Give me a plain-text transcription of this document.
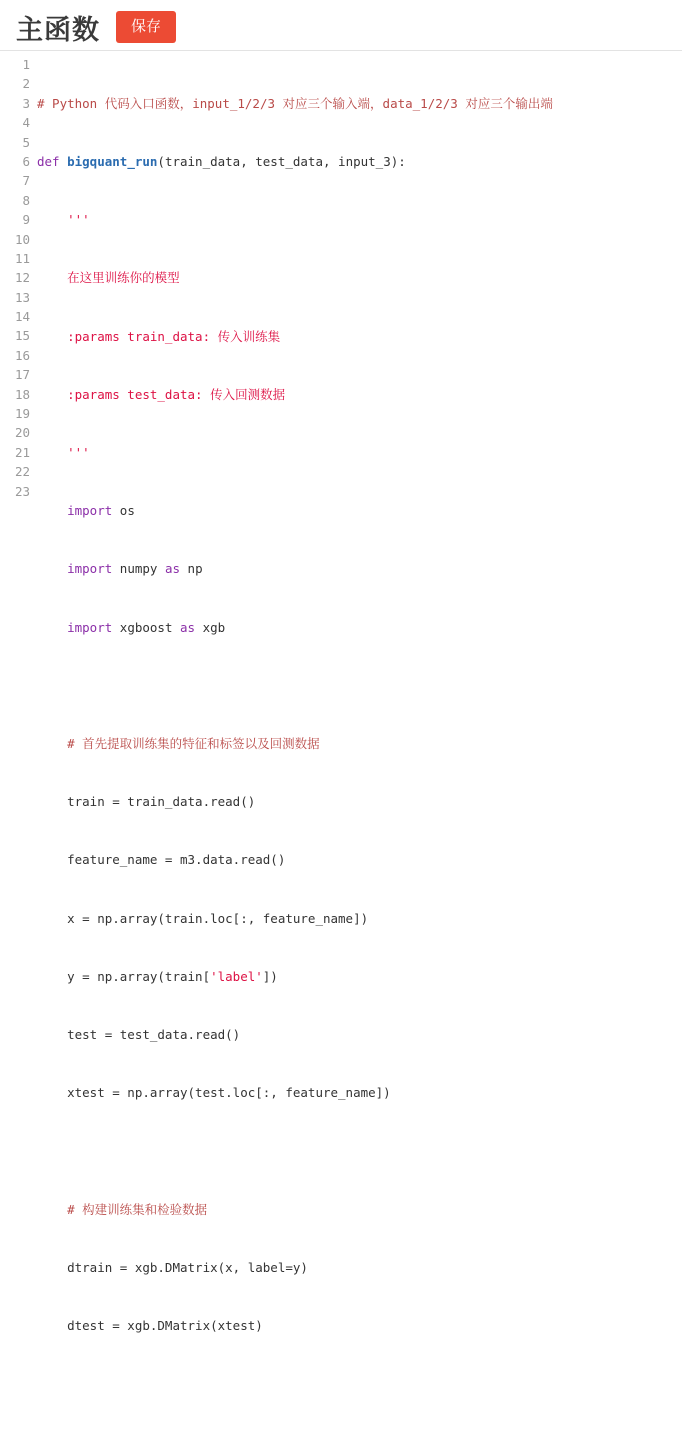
主函数	保存
1
2
3
4
5
6
7
8
9
10
11
12
13
14
15
16
17
18
19
20
21
22
23

# Python 代码入口函数，input_1/2/3 对应三个输入端，data_1/2/3 对应三个输出端

def bigquant_run(train_data, test_data, input_3):

'''

在这里训练你的模型

:params train_data: 传入训练集

:params test_data: 传入回测数据

'''

import os

import numpy as np

import xgboost as xgb

# 首先提取训练集的特征和标签以及回测数据

train = train_data.read()

feature_name = m3.data.read()

x = np.array(train.loc[:, feature_name])

y = np.array(train['label'])

test = test_data.read()

xtest = np.array(test.loc[:, feature_name])

# 构建训练集和检验数据

dtrain = xgb.DMatrix(x, label=y)

dtest = xgb.DMatrix(xtest)
